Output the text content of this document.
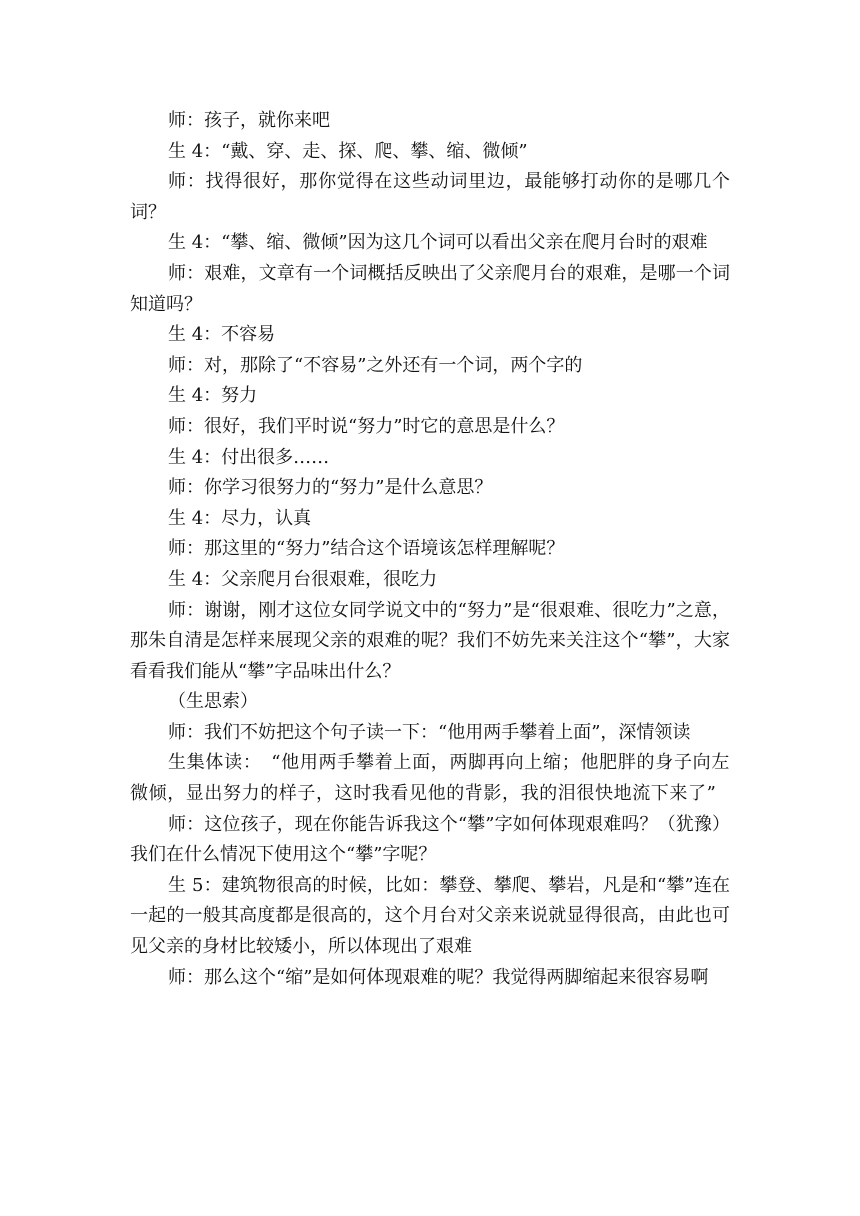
师：孩子，就你来吧

生 4：“戴、穿、走、探、爬、攀、缩、微倾”

师：找得很好，那你觉得在这些动词里边，最能够打动你的是哪几个词？

生 4：“攀、缩、微倾”因为这几个词可以看出父亲在爬月台时的艰难

师：艰难，文章有一个词概括反映出了父亲爬月台的艰难，是哪一个词知道吗？

生 4：不容易

师：对，那除了“不容易”之外还有一个词，两个字的

生 4：努力

师：很好，我们平时说“努力”时它的意思是什么？

生 4：付出很多……

师：你学习很努力的“努力”是什么意思？

生 4：尽力，认真

师：那这里的“努力”结合这个语境该怎样理解呢？

生 4：父亲爬月台很艰难，很吃力

师：谢谢，刚才这位女同学说文中的“努力”是“很艰难、很吃力”之意，那朱自清是怎样来展现父亲的艰难的呢？我们不妨先来关注这个“攀”，大家看看我们能从“攀”字品味出什么？

（生思索）

师：我们不妨把这个句子读一下：“他用两手攀着上面”，深情领读

生集体读：　“他用两手攀着上面，两脚再向上缩；他肥胖的身子向左微倾，显出努力的样子，这时我看见他的背影，我的泪很快地流下来了”

师：这位孩子，现在你能告诉我这个“攀”字如何体现艰难吗？（犹豫）我们在什么情况下使用这个“攀”字呢？

生 5：建筑物很高的时候，比如：攀登、攀爬、攀岩，凡是和“攀”连在一起的一般其高度都是很高的，这个月台对父亲来说就显得很高，由此也可见父亲的身材比较矮小，所以体现出了艰难

师：那么这个“缩”是如何体现艰难的呢？我觉得两脚缩起来很容易啊
